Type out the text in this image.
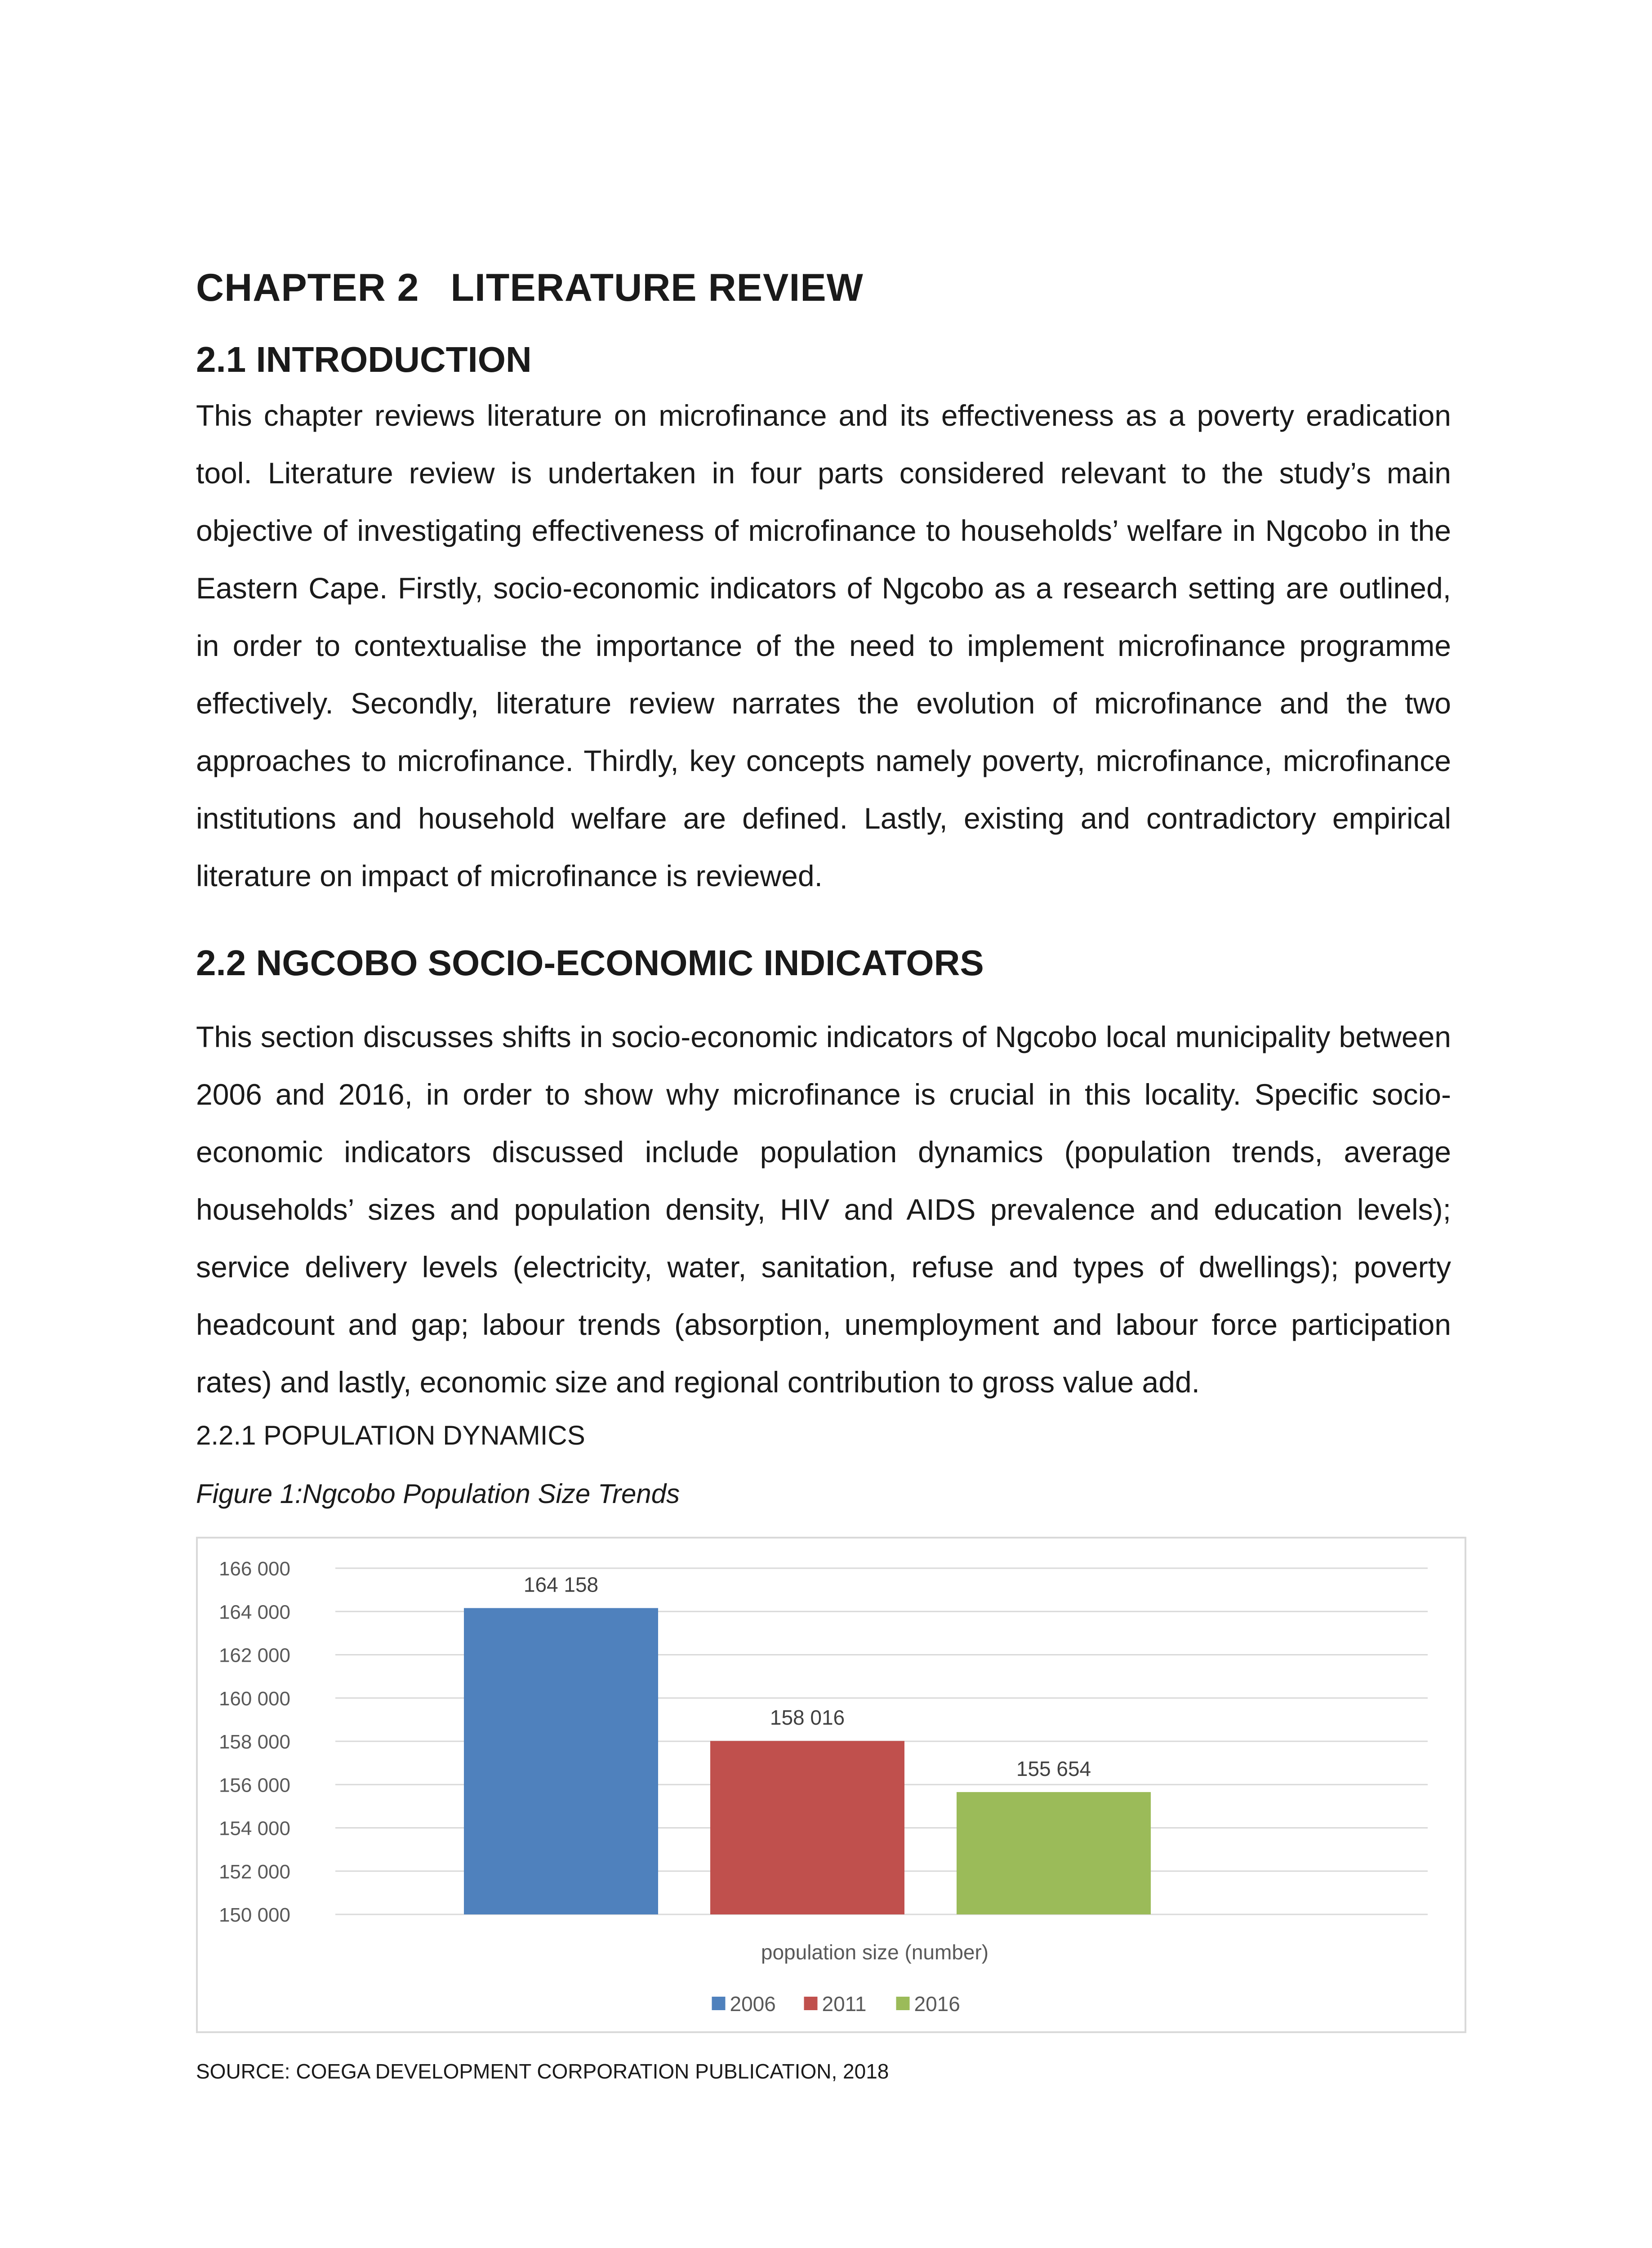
CHAPTER 2 LITERATURE REVIEW
2.1 INTRODUCTION

This chapter reviews literature on microfinance and its effectiveness as a poverty eradication tool. Literature review is undertaken in four parts considered relevant to the study’s main objective of investigating effectiveness of microfinance to households’ welfare in Ngcobo in the Eastern Cape. Firstly, socio-economic indicators of Ngcobo as a research setting are outlined, in order to contextualise the importance of the need to implement microfinance programme effectively. Secondly, literature review narrates the evolution of microfinance and the two approaches to microfinance. Thirdly, key concepts namely poverty, microfinance, microfinance institutions and household welfare are defined. Lastly, existing and contradictory empirical literature on impact of microfinance is reviewed.

2.2 NGCOBO SOCIO-ECONOMIC INDICATORS

This section discusses shifts in socio-economic indicators of Ngcobo local municipality between 2006 and 2016, in order to show why microfinance is crucial in this locality. Specific socio-economic indicators discussed include population dynamics (population trends, average households’ sizes and population density, HIV and AIDS prevalence and education levels); service delivery levels (electricity, water, sanitation, refuse and types of dwellings); poverty headcount and gap; labour trends (absorption, unemployment and labour force participation rates) and lastly, economic size and regional contribution to gross value add.

2.2.1 POPULATION DYNAMICS

Figure 1:Ngcobo Population Size Trends

150 000
152 000
154 000
156 000
158 000
160 000
162 000
164 000
166 000
164 158
158 016
155 654
population size (number)
2006 2011 2016
SOURCE: COEGA DEVELOPMENT CORPORATION PUBLICATION, 2018
